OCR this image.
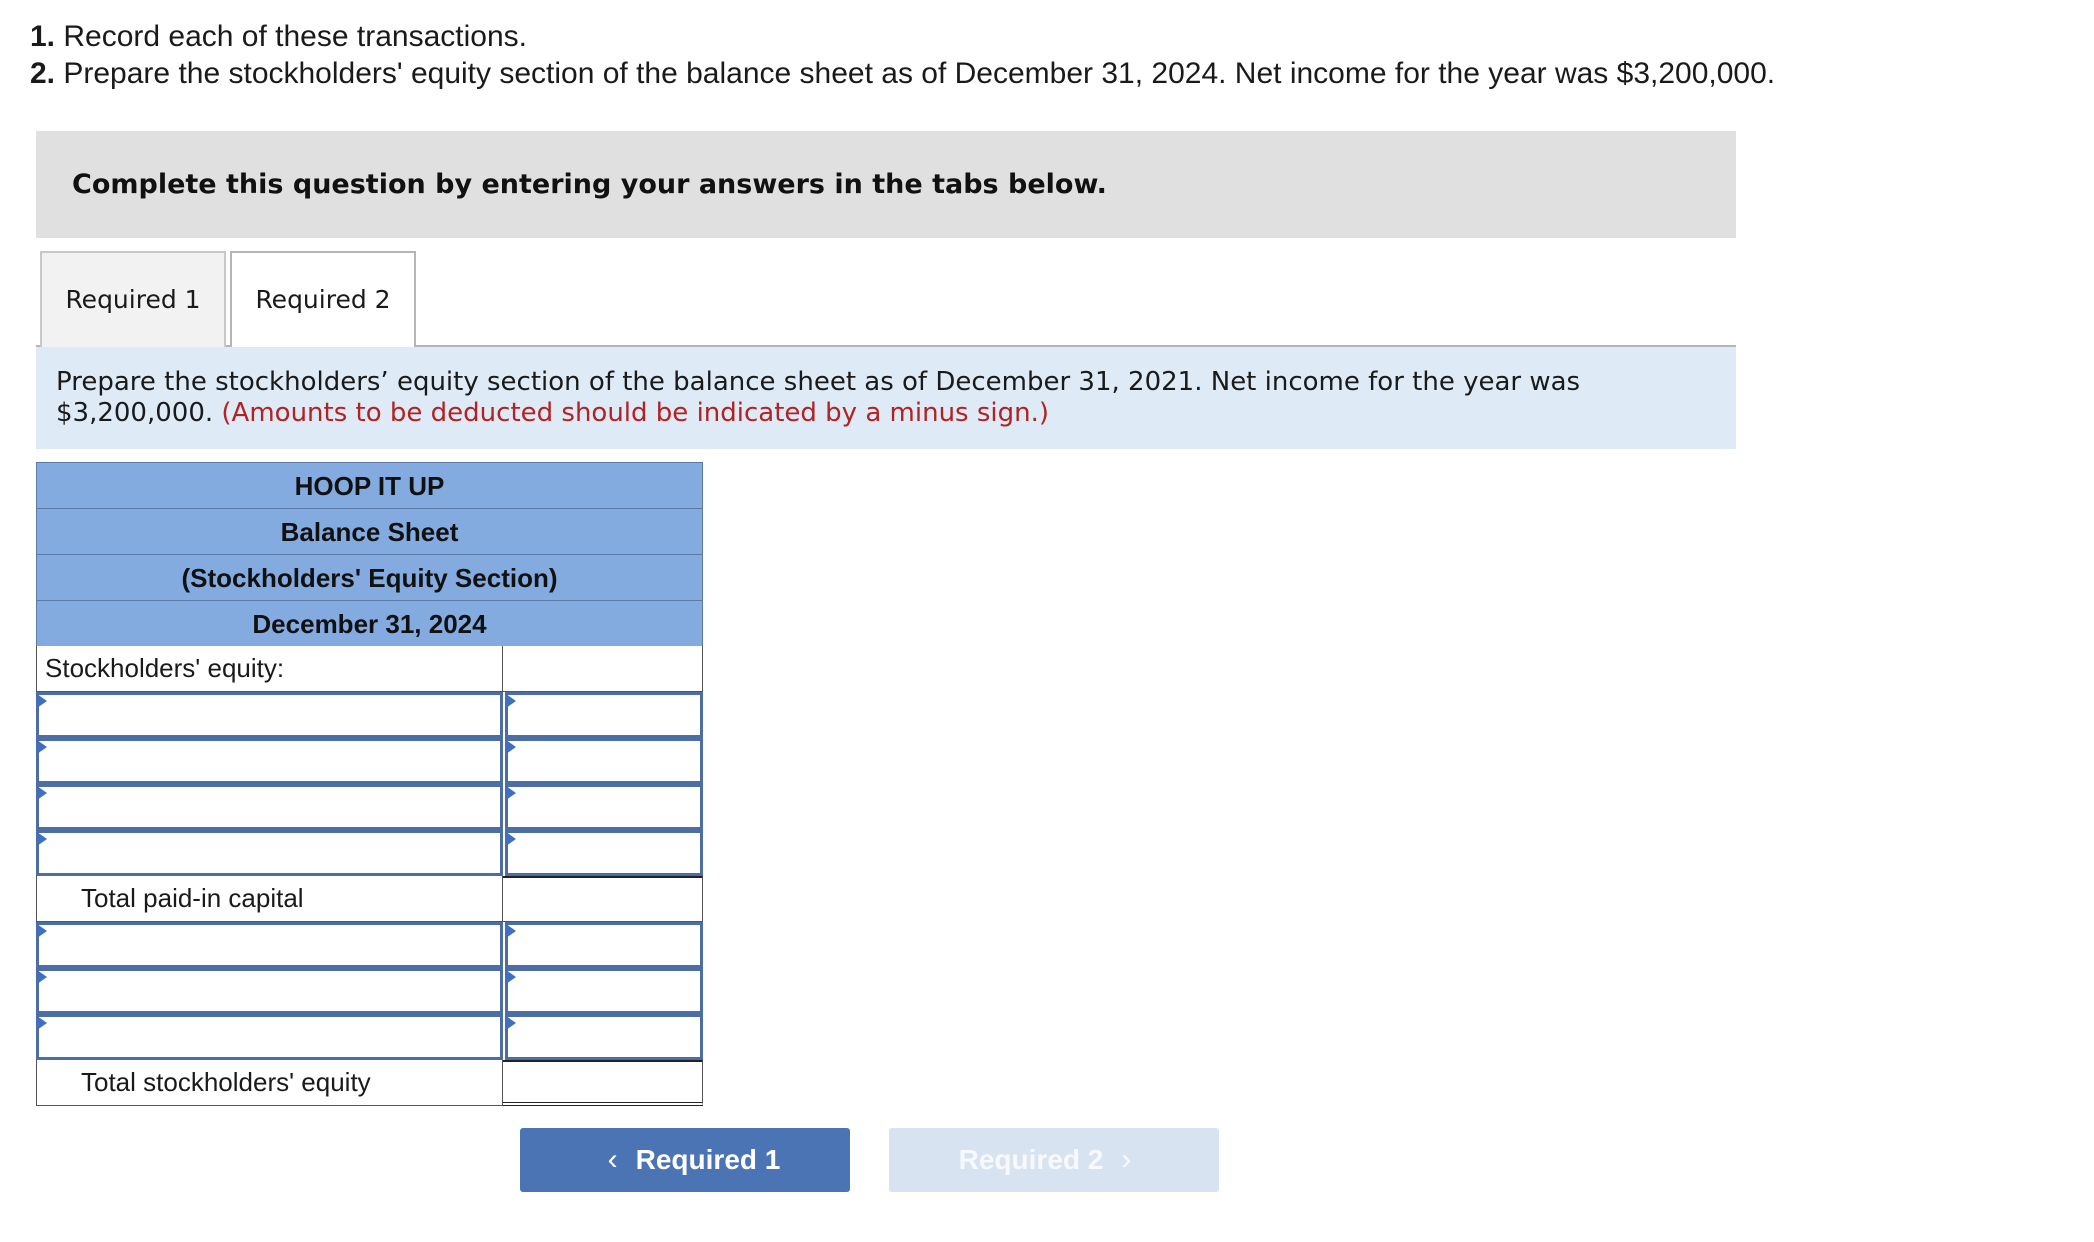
1. Record each of these transactions.
2. Prepare the stockholders' equity section of the balance sheet as of December 31, 2024. Net income for the year was $3,200,000.
Complete this question by entering your answers in the tabs below.
Required 1	Required 2
Prepare the stockholders’ equity section of the balance sheet as of December 31, 2021. Net income for the year was $3,200,000. (Amounts to be deducted should be indicated by a minus sign.)
HOOP IT UP
Balance Sheet
(Stockholders' Equity Section)
December 31, 2024
Stockholders' equity:
Total paid-in capital
Total stockholders' equity
‹ Required 1	Required 2 ›
